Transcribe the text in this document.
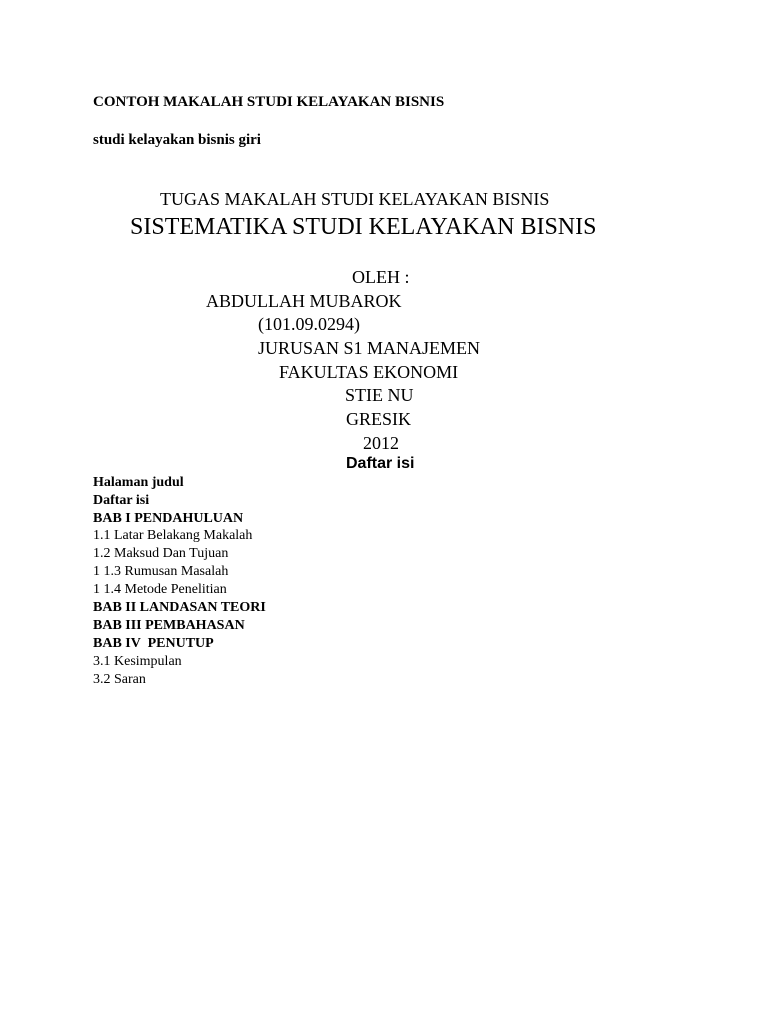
CONTOH MAKALAH STUDI KELAYAKAN BISNIS
studi kelayakan bisnis giri
TUGAS MAKALAH STUDI KELAYAKAN BISNIS
SISTEMATIKA STUDI KELAYAKAN BISNIS
OLEH :
ABDULLAH MUBAROK
(101.09.0294)
JURUSAN S1 MANAJEMEN
FAKULTAS EKONOMI
STIE NU
GRESIK
2012
Daftar isi
Halaman judul
Daftar isi
BAB I PENDAHULUAN
1.1 Latar Belakang Makalah
1.2 Maksud Dan Tujuan
1 1.3 Rumusan Masalah
1 1.4 Metode Penelitian
BAB II LANDASAN TEORI
BAB III PEMBAHASAN
BAB IV  PENUTUP
3.1 Kesimpulan
3.2 Saran
